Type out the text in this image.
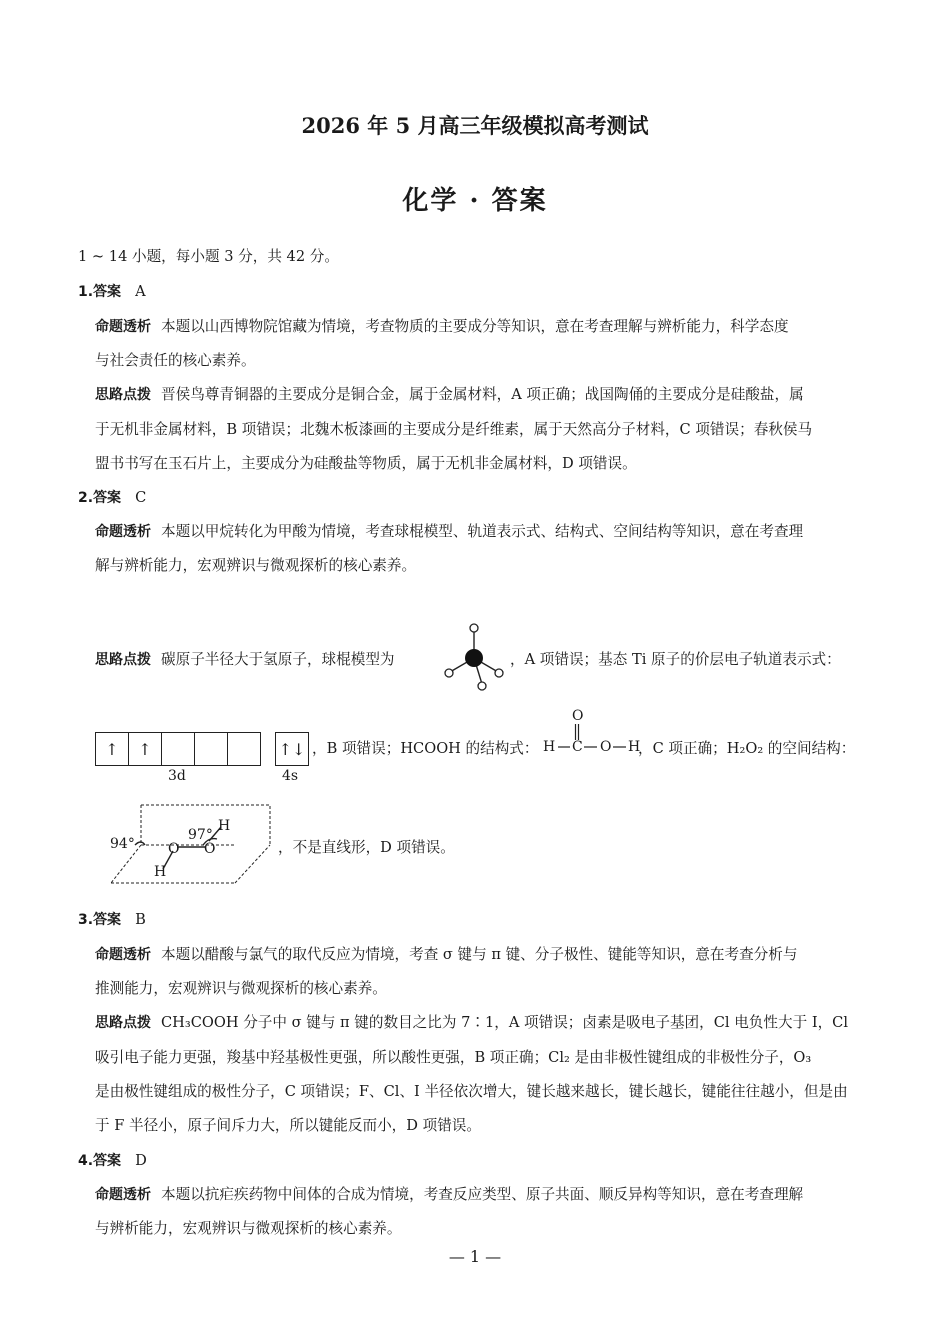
2026 年 5 月高三年级模拟高考测试
化学 · 答案
1 ~ 14 小题，每小题 3 分，共 42 分。
1.答案 A
命题透析 本题以山西博物院馆藏为情境，考查物质的主要成分等知识，意在考查理解与辨析能力，科学态度
与社会责任的核心素养。
思路点拨 晋侯鸟尊青铜器的主要成分是铜合金，属于金属材料，A 项正确；战国陶俑的主要成分是硅酸盐，属
于无机非金属材料，B 项错误；北魏木板漆画的主要成分是纤维素，属于天然高分子材料，C 项错误；春秋侯马
盟书书写在玉石片上，主要成分为硅酸盐等物质，属于无机非金属材料，D 项错误。
2.答案 C
命题透析 本题以甲烷转化为甲酸为情境，考查球棍模型、轨道表示式、结构式、空间结构等知识，意在考查理
解与辨析能力，宏观辨识与微观探析的核心素养。
思路点拨 碳原子半径大于氢原子，球棍模型为	，A 项错误；基态 Ti 原子的价层电子轨道表示式：
↑	↑	↑↓
3d	4s
，B 项错误；HCOOH 的结构式：
O
H C O H
，C 项正确；H₂O₂ 的空间结构：
94°
97°
O O
H
H
，不是直线形，D 项错误。
3.答案 B
命题透析 本题以醋酸与氯气的取代反应为情境，考查 σ 键与 π 键、分子极性、键能等知识，意在考查分析与
推测能力，宏观辨识与微观探析的核心素养。
思路点拨 CH₃COOH 分子中 σ 键与 π 键的数目之比为 7∶1，A 项错误；卤素是吸电子基团，Cl 电负性大于 I，Cl
吸引电子能力更强，羧基中羟基极性更强，所以酸性更强，B 项正确；Cl₂ 是由非极性键组成的非极性分子，O₃
是由极性键组成的极性分子，C 项错误；F、Cl、I 半径依次增大，键长越来越长，键长越长，键能往往越小，但是由
于 F 半径小，原子间斥力大，所以键能反而小，D 项错误。
4.答案 D
命题透析 本题以抗疟疾药物中间体的合成为情境，考查反应类型、原子共面、顺反异构等知识，意在考查理解
与辨析能力，宏观辨识与微观探析的核心素养。
— 1 —
